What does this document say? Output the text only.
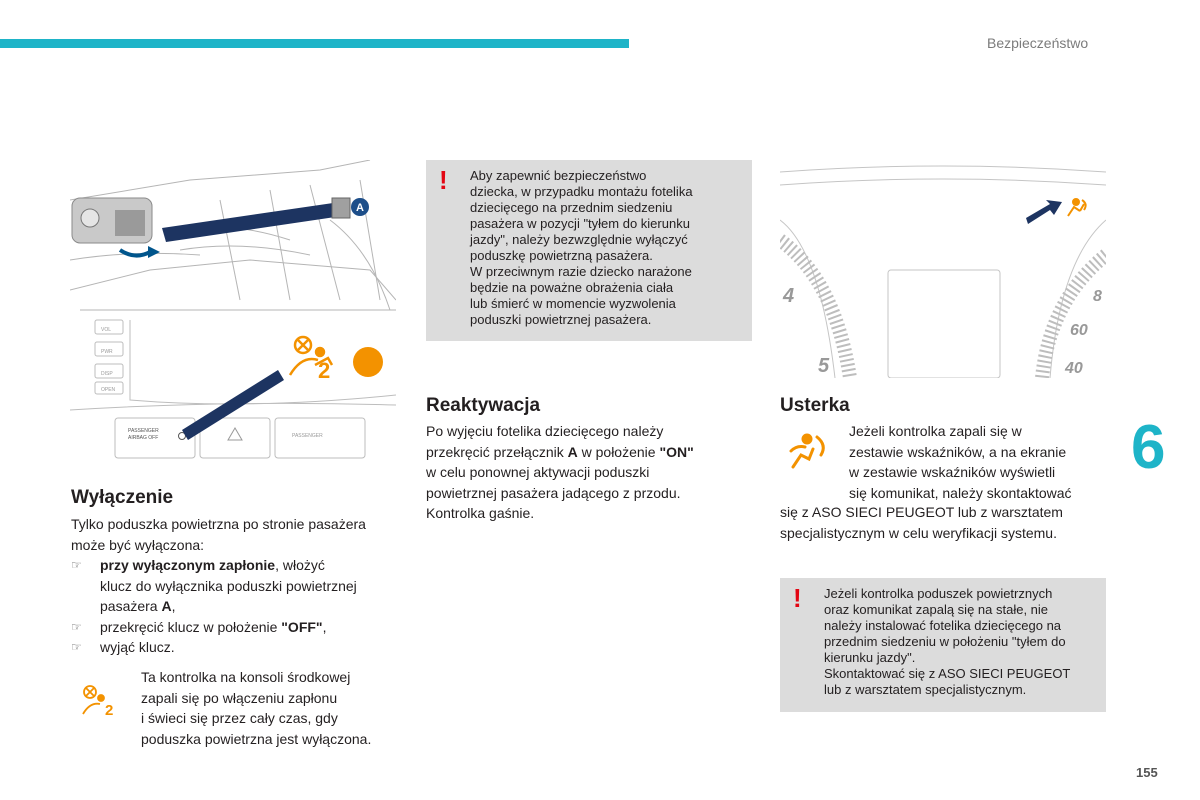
Bezpieczeństwo
A
VOL
PWR
DISP
OPEN
PASSENGER
AIRBAG OFF	PASSENGER
2
! Aby zapewnić bezpieczeństwo
dziecka, w przypadku montażu fotelika
dziecięcego na przednim siedzeniu
pasażera w pozycji "tyłem do kierunku
jazdy", należy bezwzględnie wyłączyć
poduszkę powietrzną pasażera.
W przeciwnym razie dziecko narażone
będzie na poważne obrażenia ciała
lub śmierć w momencie wyzwolenia
poduszki powietrznej pasażera.
4
5
8
60
40
Wyłączenie
Tylko poduszka powietrzna po stronie pasażera
może być wyłączona:
☞ przy wyłączonym zapłonie, włożyć
klucz do wyłącznika poduszki powietrznej
pasażera A,
☞ przekręcić klucz w położenie "OFF",
☞ wyjąć klucz.
2
Ta kontrolka na konsoli środkowej
zapali się po włączeniu zapłonu
i świeci się przez cały czas, gdy
poduszka powietrzna jest wyłączona.
Reaktywacja
Po wyjęciu fotelika dziecięcego należy
przekręcić przełącznik A w położenie "ON"
w celu ponownej aktywacji poduszki
powietrznej pasażera jadącego z przodu.
Kontrolka gaśnie.
Usterka
Jeżeli kontrolka zapali się w
zestawie wskaźników, a na ekranie
w zestawie wskaźników wyświetli
się komunikat, należy skontaktować
się z ASO SIECI PEUGEOT lub z warsztatem
specjalistycznym w celu weryfikacji systemu.
! Jeżeli kontrolka poduszek powietrznych
oraz komunikat zapalą się na stałe, nie
należy instalować fotelika dziecięcego na
przednim siedzeniu w położeniu "tyłem do
kierunku jazdy".
Skontaktować się z ASO SIECI PEUGEOT
lub z warsztatem specjalistycznym.
6
155
